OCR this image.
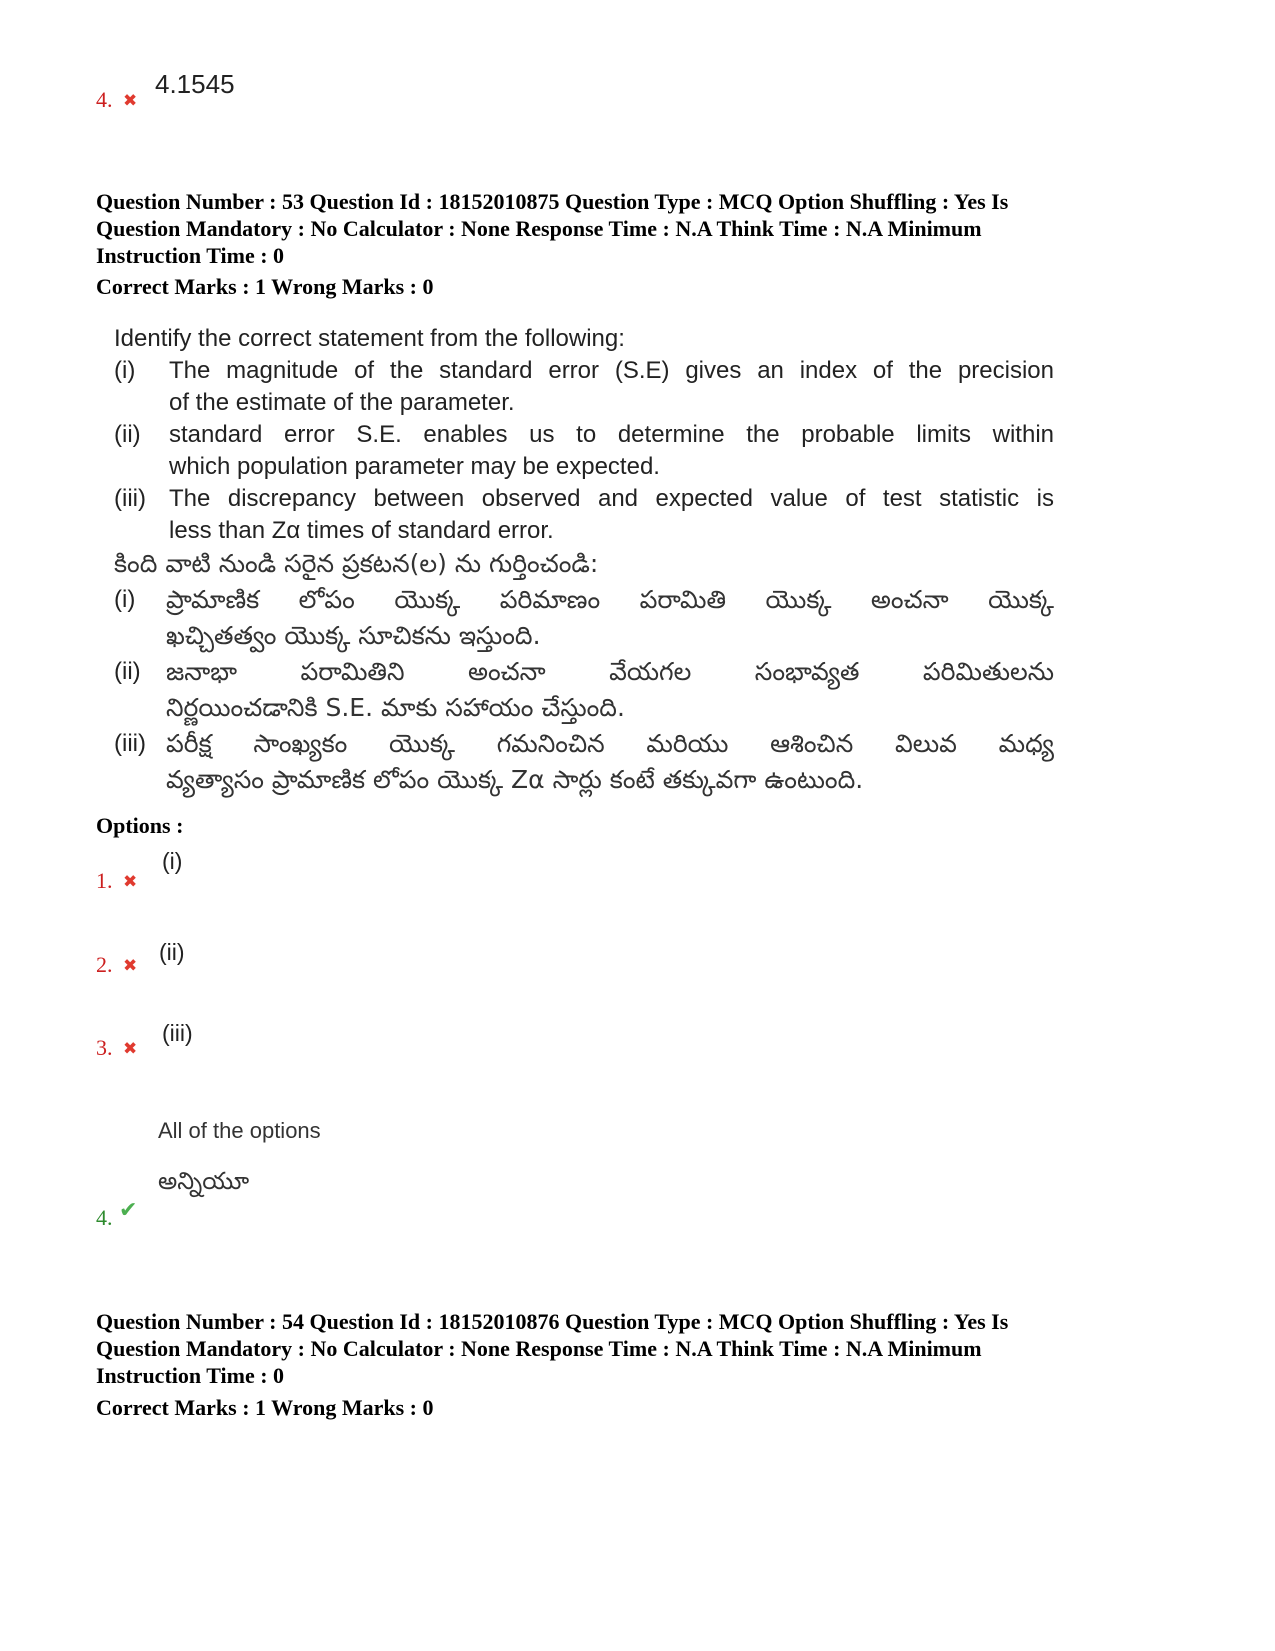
4. ✖
4.1545
Question Number : 53 Question Id : 18152010875 Question Type : MCQ Option Shuffling : Yes Is
Question Mandatory : No Calculator : None Response Time : N.A Think Time : N.A Minimum
Instruction Time : 0
Correct Marks : 1 Wrong Marks : 0
Identify the correct statement from the following:
(i) The magnitude of the standard error (S.E) gives an index of the precision
of the estimate of the parameter.
(ii) standard error S.E. enables us to determine the probable limits within
which population parameter may be expected.
(iii) The discrepancy between observed and expected value of test statistic is
less than Zα times of standard error.
కింది వాటి నుండి సరైన ప్రకటన(ల) ను గుర్తించండి:
(i) ప్రామాణిక లోపం యొక్క పరిమాణం పరామితి యొక్క అంచనా యొక్క
ఖచ్చితత్వం యొక్క సూచికను ఇస్తుంది.
(ii) జనాభా పరామితిని అంచనా వేయగల సంభావ్యత పరిమితులను
నిర్ణయించడానికి S.E. మాకు సహాయం చేస్తుంది.
(iii) పరీక్ష సాంఖ్యకం యొక్క గమనించిన మరియు ఆశించిన విలువ మధ్య
వ్యత్యాసం ప్రామాణిక లోపం యొక్క Zα సార్లు కంటే తక్కువగా ఉంటుంది.
Options :
1. ✖
(i)
2. ✖
(ii)
3. ✖
(iii)
All of the options
అన్నియూ
4. ✔
Question Number : 54 Question Id : 18152010876 Question Type : MCQ Option Shuffling : Yes Is
Question Mandatory : No Calculator : None Response Time : N.A Think Time : N.A Minimum
Instruction Time : 0
Correct Marks : 1 Wrong Marks : 0
